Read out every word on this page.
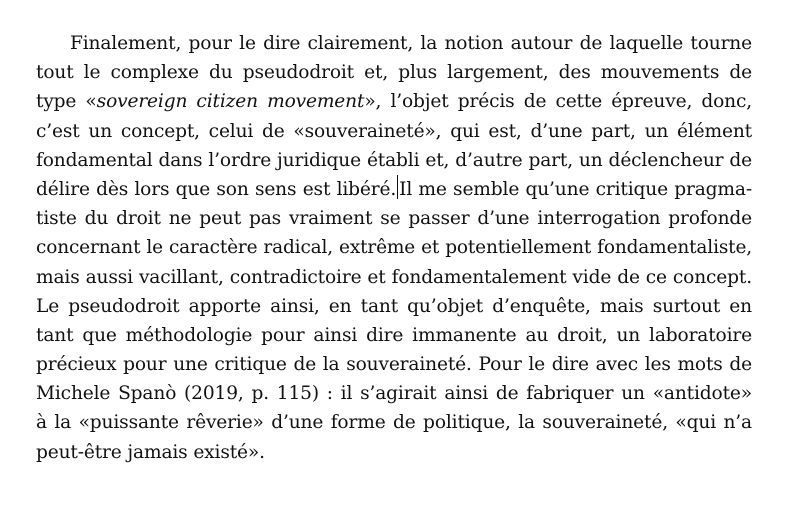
Finalement, pour le dire clairement, la notion autour de laquelle tourne
tout le complexe du pseudodroit et, plus largement, des mouvements de
type «sovereign citizen movement», l’objet précis de cette épreuve, donc,
c’est un concept, celui de «souveraineté», qui est, d’une part, un élément
fondamental dans l’ordre juridique établi et, d’autre part, un déclencheur de
délire dès lors que son sens est libéré. Il me semble qu’une critique pragma-
tiste du droit ne peut pas vraiment se passer d’une interrogation profonde
concernant le caractère radical, extrême et potentiellement fondamentaliste,
mais aussi vacillant, contradictoire et fondamentalement vide de ce concept.
Le pseudodroit apporte ainsi, en tant qu’objet d’enquête, mais surtout en
tant que méthodologie pour ainsi dire immanente au droit, un laboratoire
précieux pour une critique de la souveraineté. Pour le dire avec les mots de
Michele Spanò (2019, p. 115) : il s’agirait ainsi de fabriquer un «antidote»
à la «puissante rêverie» d’une forme de politique, la souveraineté, «qui n’a
peut-être jamais existé».
